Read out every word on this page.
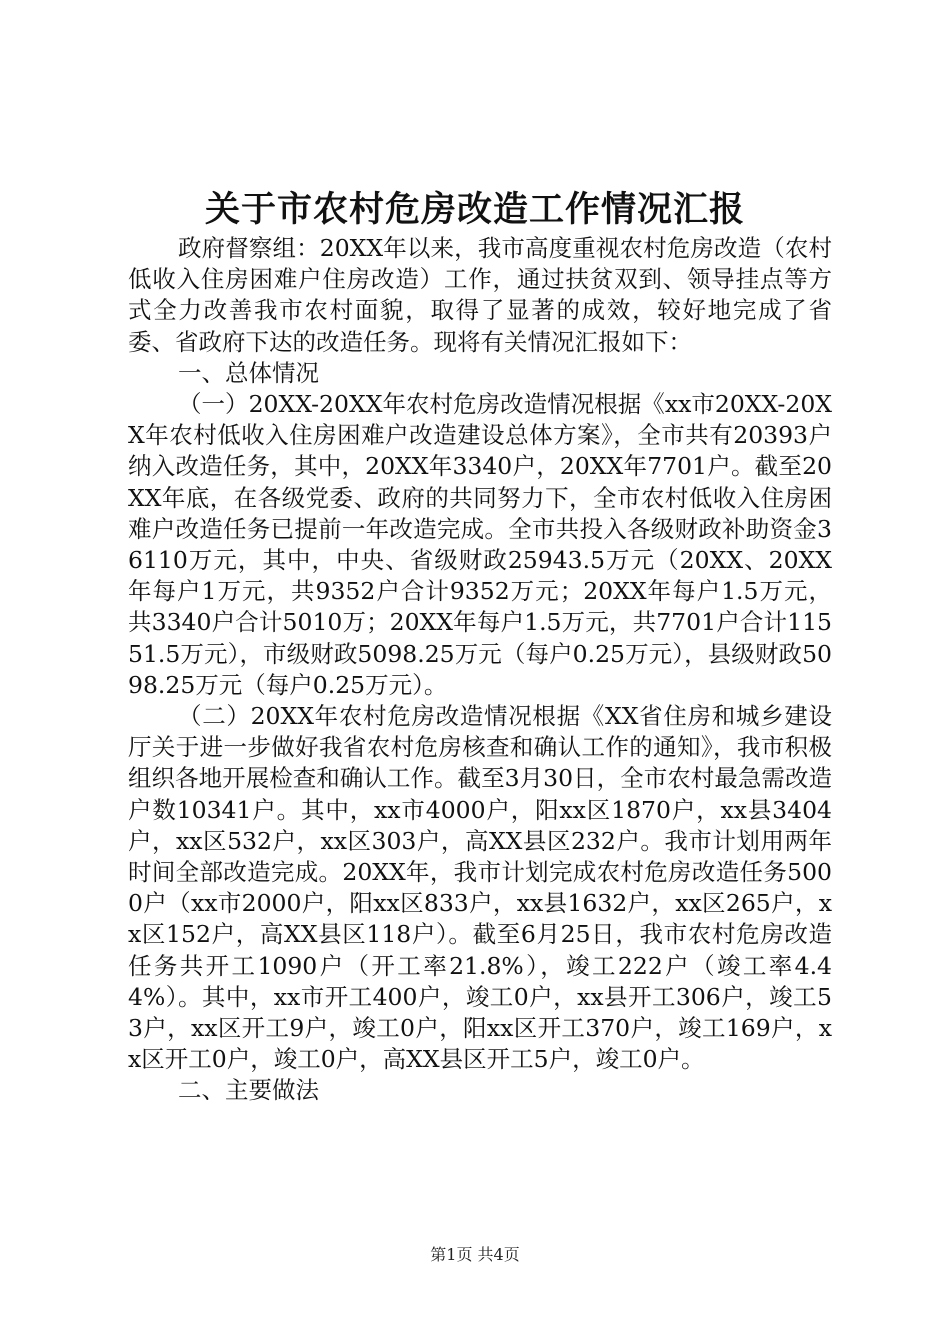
关于市农村危房改造工作情况汇报

政府督察组：20XX年以来，我市高度重视农村危房改造（农村低收入住房困难户住房改造）工作，通过扶贫双到、领导挂点等方式全力改善我市农村面貌，取得了显著的成效，较好地完成了省委、省政府下达的改造任务。现将有关情况汇报如下：

一、总体情况

（一）20XX-20XX年农村危房改造情况根据《xx市20XX-20XX年农村低收入住房困难户改造建设总体方案》，全市共有20393户纳入改造任务，其中，20XX年3340户，20XX年7701户。截至20XX年底，在各级党委、政府的共同努力下，全市农村低收入住房困难户改造任务已提前一年改造完成。全市共投入各级财政补助资金36110万元，其中，中央、省级财政25943.5万元（20XX、20XX年每户1万元，共9352户合计9352万元；20XX年每户1.5万元，共3340户合计5010万；20XX年每户1.5万元，共7701户合计11551.5万元），市级财政5098.25万元（每户0.25万元），县级财政5098.25万元（每户0.25万元）。

（二）20XX年农村危房改造情况根据《XX省住房和城乡建设厅关于进一步做好我省农村危房核查和确认工作的通知》，我市积极组织各地开展检查和确认工作。截至3月30日，全市农村最急需改造户数10341户。其中，xx市4000户，阳xx区1870户，xx县3404户，xx区532户，xx区303户，高XX县区232户。我市计划用两年时间全部改造完成。20XX年，我市计划完成农村危房改造任务5000户（xx市2000户，阳xx区833户，xx县1632户，xx区265户，xx区152户，高XX县区118户）。截至6月25日，我市农村危房改造任务共开工1090户（开工率21.8%），竣工222户（竣工率4.44%）。其中，xx市开工400户，竣工0户，xx县开工306户，竣工53户，xx区开工9户，竣工0户，阳xx区开工370户，竣工169户，xx区开工0户，竣工0户，高XX县区开工5户，竣工0户。

二、主要做法

第1页 共4页
